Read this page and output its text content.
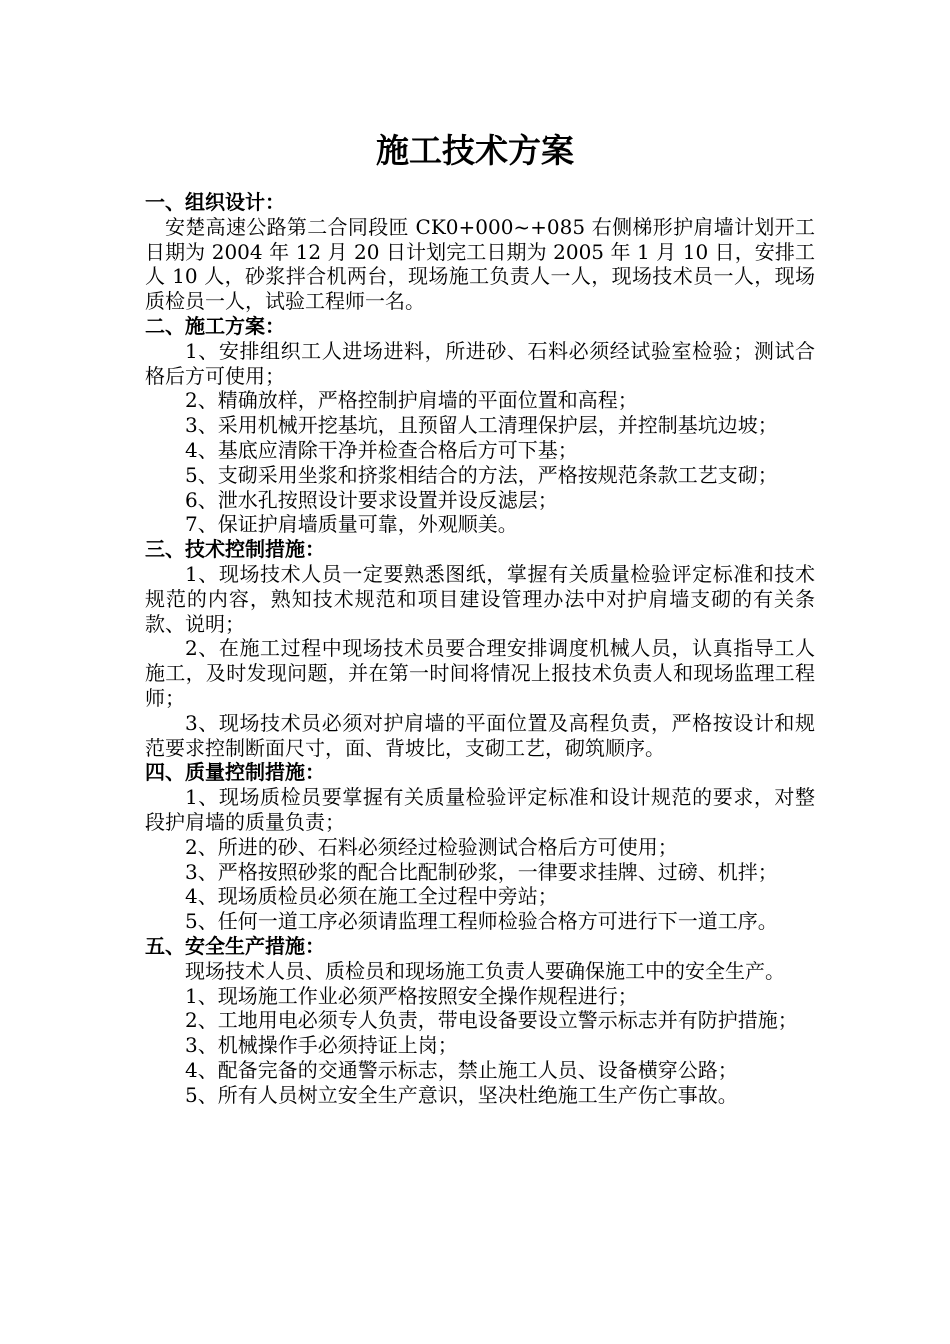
施工技术方案
一、组织设计：

安楚高速公路第二合同段匝 CK0+000~+085 右侧梯形护肩墙计划开工日期为 2004 年 12 月 20 日计划完工日期为 2005 年 1 月 10 日，安排工人 10 人，砂浆拌合机两台，现场施工负责人一人，现场技术员一人，现场质检员一人，试验工程师一名。

二、施工方案：

1、安排组织工人进场进料，所进砂、石料必须经试验室检验；测试合格后方可使用；

2、精确放样，严格控制护肩墙的平面位置和高程；

3、采用机械开挖基坑，且预留人工清理保护层，并控制基坑边坡；

4、基底应清除干净并检查合格后方可下基；

5、支砌采用坐浆和挤浆相结合的方法，严格按规范条款工艺支砌；

6、泄水孔按照设计要求设置并设反滤层；

7、保证护肩墙质量可靠，外观顺美。

三、技术控制措施：

1、现场技术人员一定要熟悉图纸，掌握有关质量检验评定标准和技术规范的内容，熟知技术规范和项目建设管理办法中对护肩墙支砌的有关条款、说明；

2、在施工过程中现场技术员要合理安排调度机械人员，认真指导工人施工，及时发现问题，并在第一时间将情况上报技术负责人和现场监理工程师；

3、现场技术员必须对护肩墙的平面位置及高程负责，严格按设计和规范要求控制断面尺寸，面、背坡比，支砌工艺，砌筑顺序。

四、质量控制措施：

1、现场质检员要掌握有关质量检验评定标准和设计规范的要求，对整段护肩墙的质量负责；

2、所进的砂、石料必须经过检验测试合格后方可使用；

3、严格按照砂浆的配合比配制砂浆，一律要求挂牌、过磅、机拌；

4、现场质检员必须在施工全过程中旁站；

5、任何一道工序必须请监理工程师检验合格方可进行下一道工序。

五、安全生产措施：

现场技术人员、质检员和现场施工负责人要确保施工中的安全生产。

1、现场施工作业必须严格按照安全操作规程进行；

2、工地用电必须专人负责，带电设备要设立警示标志并有防护措施；

3、机械操作手必须持证上岗；

4、配备完备的交通警示标志，禁止施工人员、设备横穿公路；

5、所有人员树立安全生产意识，坚决杜绝施工生产伤亡事故。
